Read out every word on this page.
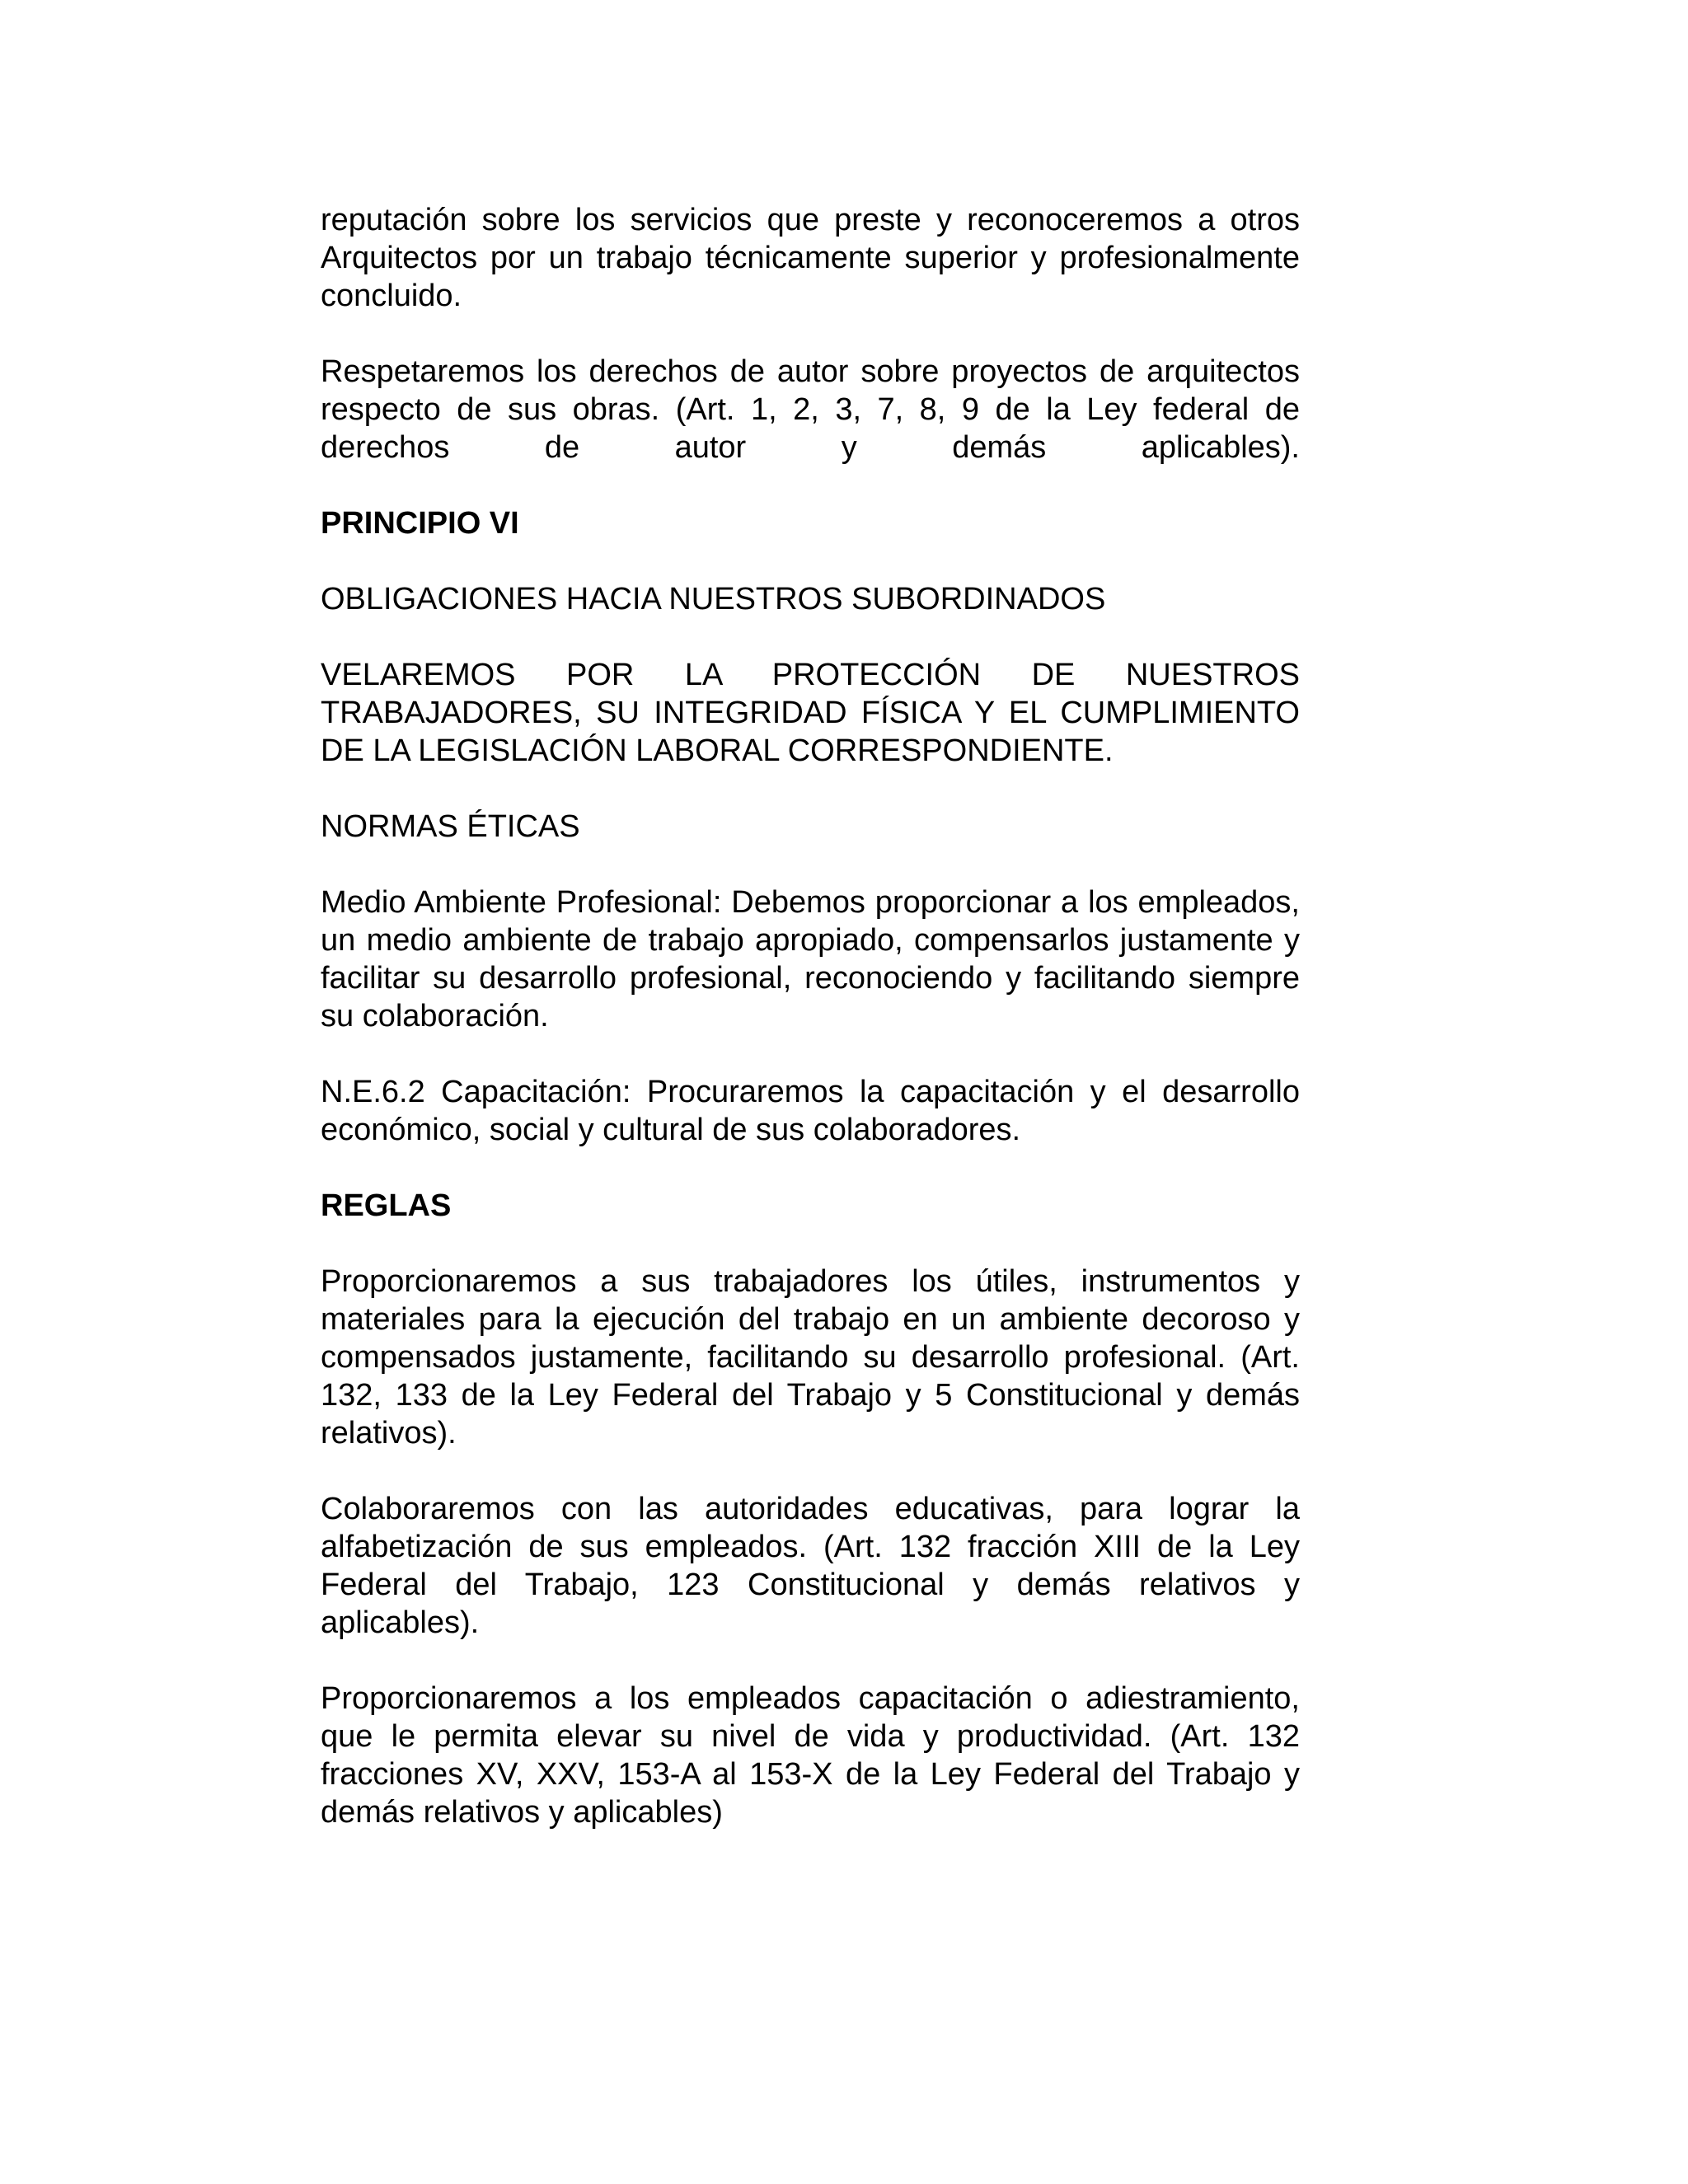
reputación sobre los servicios que preste y reconoceremos a otros Arquitectos por un trabajo técnicamente superior y profesionalmente concluido.

Respetaremos los derechos de autor sobre proyectos de arquitectos respecto de sus obras. (Art. 1, 2, 3, 7, 8, 9 de la Ley federal de derechos de autor y demás aplicables).

PRINCIPIO VI

OBLIGACIONES HACIA NUESTROS SUBORDINADOS

VELAREMOS POR LA PROTECCIÓN DE NUESTROS TRABAJADORES, SU INTEGRIDAD FÍSICA Y EL CUMPLIMIENTO DE LA LEGISLACIÓN LABORAL CORRESPONDIENTE.

NORMAS ÉTICAS

Medio Ambiente Profesional: Debemos proporcionar a los empleados, un medio ambiente de trabajo apropiado, compensarlos justamente y facilitar su desarrollo profesional, reconociendo y facilitando siempre su colaboración.

N.E.6.2 Capacitación: Procuraremos la capacitación y el desarrollo económico, social y cultural de sus colaboradores.

REGLAS

Proporcionaremos a sus trabajadores los útiles, instrumentos y materiales para la ejecución del trabajo en un ambiente decoroso y compensados justamente, facilitando su desarrollo profesional. (Art. 132, 133 de la Ley Federal del Trabajo y 5 Constitucional y demás relativos).

Colaboraremos con las autoridades educativas, para lograr la alfabetización de sus empleados. (Art. 132 fracción XIII de la Ley Federal del Trabajo, 123 Constitucional y demás relativos y aplicables).

Proporcionaremos a los empleados capacitación o adiestramiento, que le permita elevar su nivel de vida y productividad. (Art. 132 fracciones XV, XXV, 153-A al 153-X de la Ley Federal del Trabajo y demás relativos y aplicables)
